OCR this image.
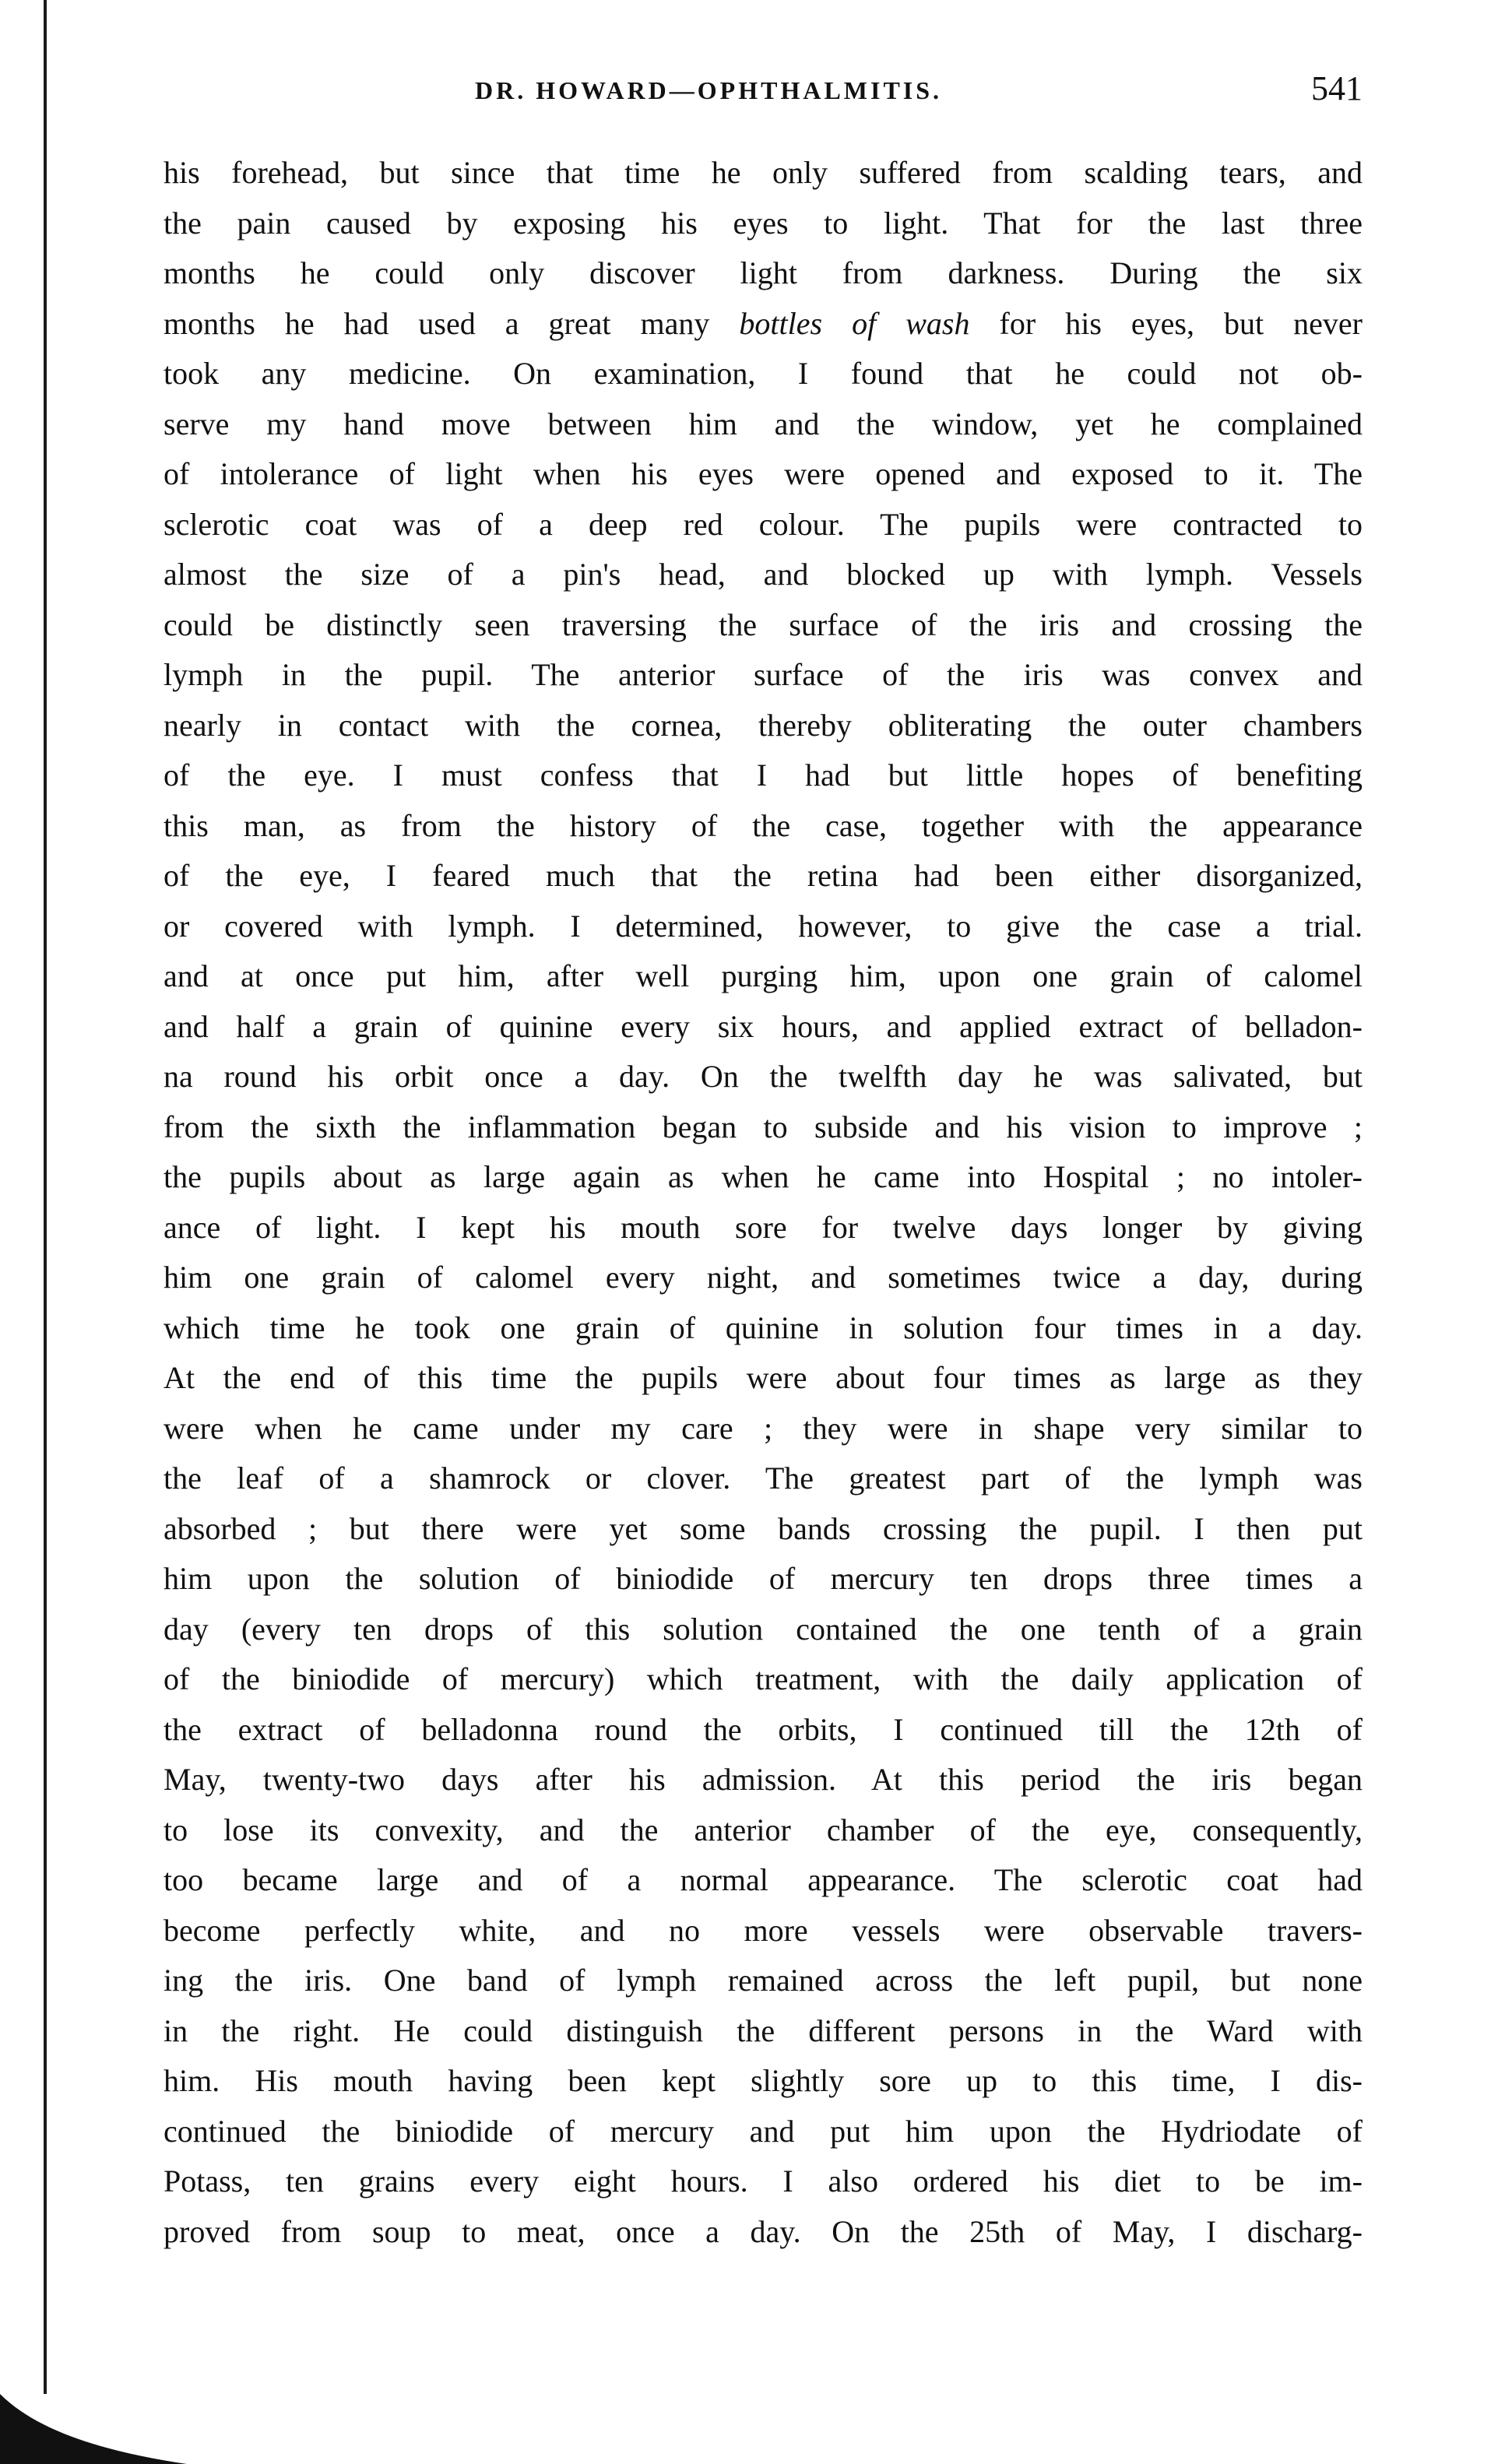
DR. HOWARD—OPHTHALMITIS.	541
his forehead, but since that time he only suffered from scalding tears, and
the pain caused by exposing his eyes to light. That for the last three
months he could only discover light from darkness. During the six
months he had used a great many bottles of wash for his eyes, but never
took any medicine. On examination, I found that he could not ob-
serve my hand move between him and the window, yet he complained
of intolerance of light when his eyes were opened and exposed to it. The
sclerotic coat was of a deep red colour. The pupils were contracted to
almost the size of a pin's head, and blocked up with lymph. Vessels
could be distinctly seen traversing the surface of the iris and crossing the
lymph in the pupil. The anterior surface of the iris was convex and
nearly in contact with the cornea, thereby obliterating the outer chambers
of the eye. I must confess that I had but little hopes of benefiting
this man, as from the history of the case, together with the appearance
of the eye, I feared much that the retina had been either disorganized,
or covered with lymph. I determined, however, to give the case a trial.
and at once put him, after well purging him, upon one grain of calomel
and half a grain of quinine every six hours, and applied extract of belladon-
na round his orbit once a day. On the twelfth day he was salivated, but
from the sixth the inflammation began to subside and his vision to improve ;
the pupils about as large again as when he came into Hospital ; no intoler-
ance of light. I kept his mouth sore for twelve days longer by giving
him one grain of calomel every night, and sometimes twice a day, during
which time he took one grain of quinine in solution four times in a day.
At the end of this time the pupils were about four times as large as they
were when he came under my care ; they were in shape very similar to
the leaf of a shamrock or clover. The greatest part of the lymph was
absorbed ; but there were yet some bands crossing the pupil. I then put
him upon the solution of biniodide of mercury ten drops three times a
day (every ten drops of this solution contained the one tenth of a grain
of the biniodide of mercury) which treatment, with the daily application of
the extract of belladonna round the orbits, I continued till the 12th of
May, twenty-two days after his admission. At this period the iris began
to lose its convexity, and the anterior chamber of the eye, consequently,
too became large and of a normal appearance. The sclerotic coat had
become perfectly white, and no more vessels were observable travers-
ing the iris. One band of lymph remained across the left pupil, but none
in the right. He could distinguish the different persons in the Ward with
him. His mouth having been kept slightly sore up to this time, I dis-
continued the biniodide of mercury and put him upon the Hydriodate of
Potass, ten grains every eight hours. I also ordered his diet to be im-
proved from soup to meat, once a day. On the 25th of May, I discharg-
